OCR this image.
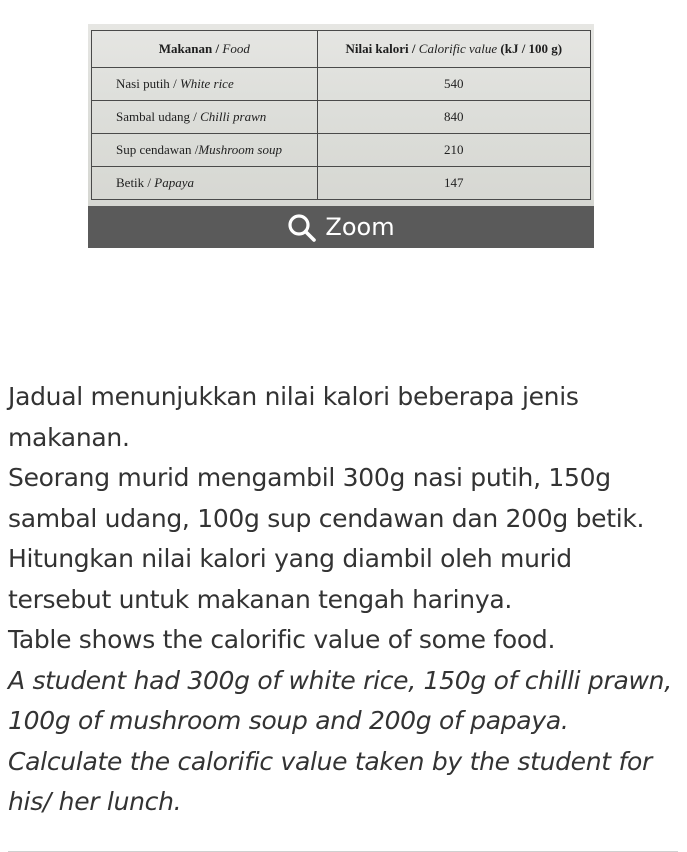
Makanan / Food	Nilai kalori / Calorific value (kJ / 100 g)
Nasi putih / White rice	540
Sambal udang / Chilli prawn	840
Sup cendawan /Mushroom soup	210
Betik / Papaya	147
Zoom

Jadual menunjukkan nilai kalori beberapa jenis makanan.

Seorang murid mengambil 300g nasi putih, 150g sambal udang, 100g sup cendawan dan 200g betik.

Hitungkan nilai kalori yang diambil oleh murid tersebut untuk makanan tengah harinya.

Table shows the calorific value of some food.

A student had 300g of white rice, 150g of chilli prawn, 100g of mushroom soup and 200g of papaya. Calculate the calorific value taken by the student for his/ her lunch.
